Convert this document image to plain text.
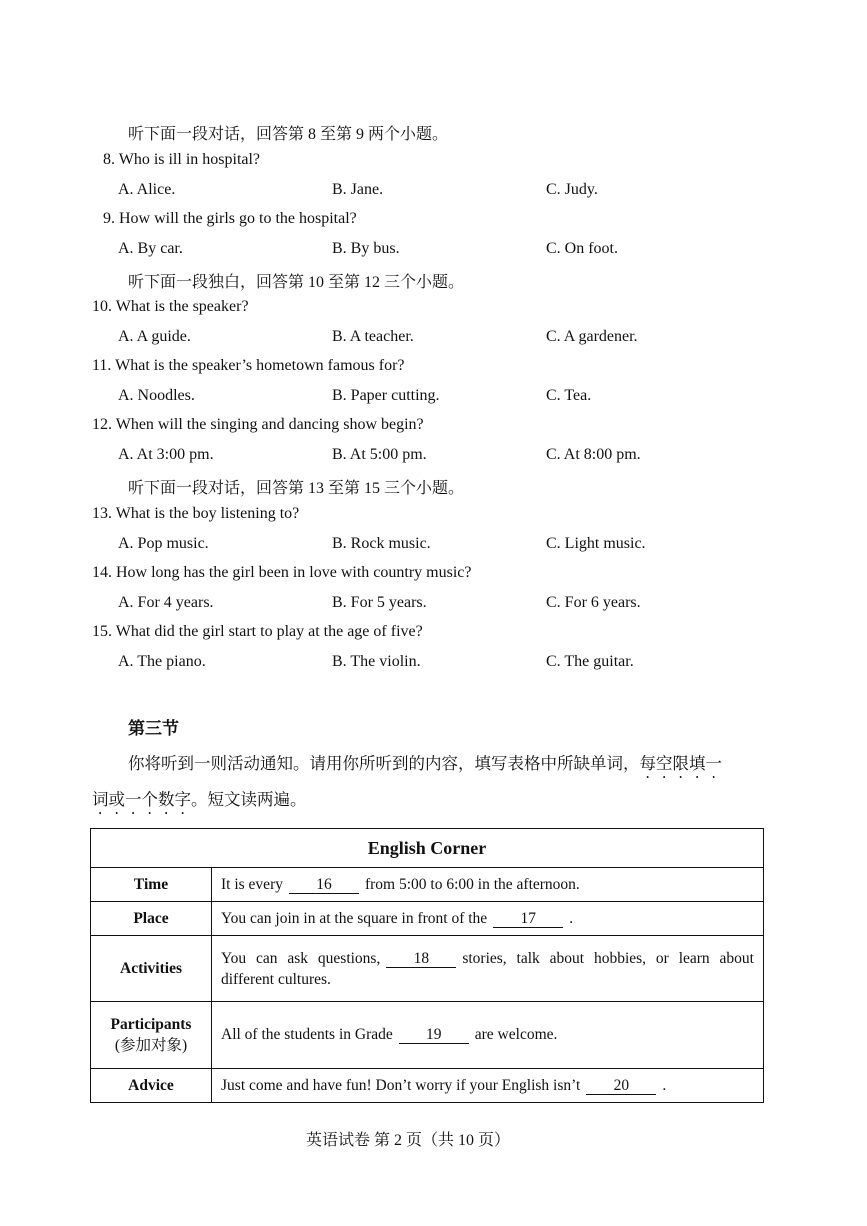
听下面一段对话，回答第 8 至第 9 两个小题。
8. Who is ill in hospital?
A. Alice.	B. Jane.	C. Judy.
9. How will the girls go to the hospital?
A. By car.	B. By bus.	C. On foot.
听下面一段独白，回答第 10 至第 12 三个小题。
10. What is the speaker?
A. A guide.	B. A teacher.	C. A gardener.
11. What is the speaker’s hometown famous for?
A. Noodles.	B. Paper cutting.	C. Tea.
12. When will the singing and dancing show begin?
A. At 3:00 pm.	B. At 5:00 pm.	C. At 8:00 pm.
听下面一段对话，回答第 13 至第 15 三个小题。
13. What is the boy listening to?
A. Pop music.	B. Rock music.	C. Light music.
14. How long has the girl been in love with country music?
A. For 4 years.	B. For 5 years.	C. For 6 years.
15. What did the girl start to play at the age of five?
A. The piano.	B. The violin.	C. The guitar.
第三节
你将听到一则活动通知。请用你所听到的内容，填写表格中所缺单词，每空限填一
词或一个数字。短文读两遍。
English Corner	
Time	It is every 16 from 5:00 to 6:00 in the afternoon.
Place	You can join in at the square in front of the 17 .
Activities	You can ask questions, 18 stories, talk about hobbies, or learn about different cultures.

Participants
(参加对象)	All of the students in Grade 19 are welcome.
Advice	Just come and have fun! Don’t worry if your English isn’t 20 .
英语试卷 第 2 页（共 10 页）
